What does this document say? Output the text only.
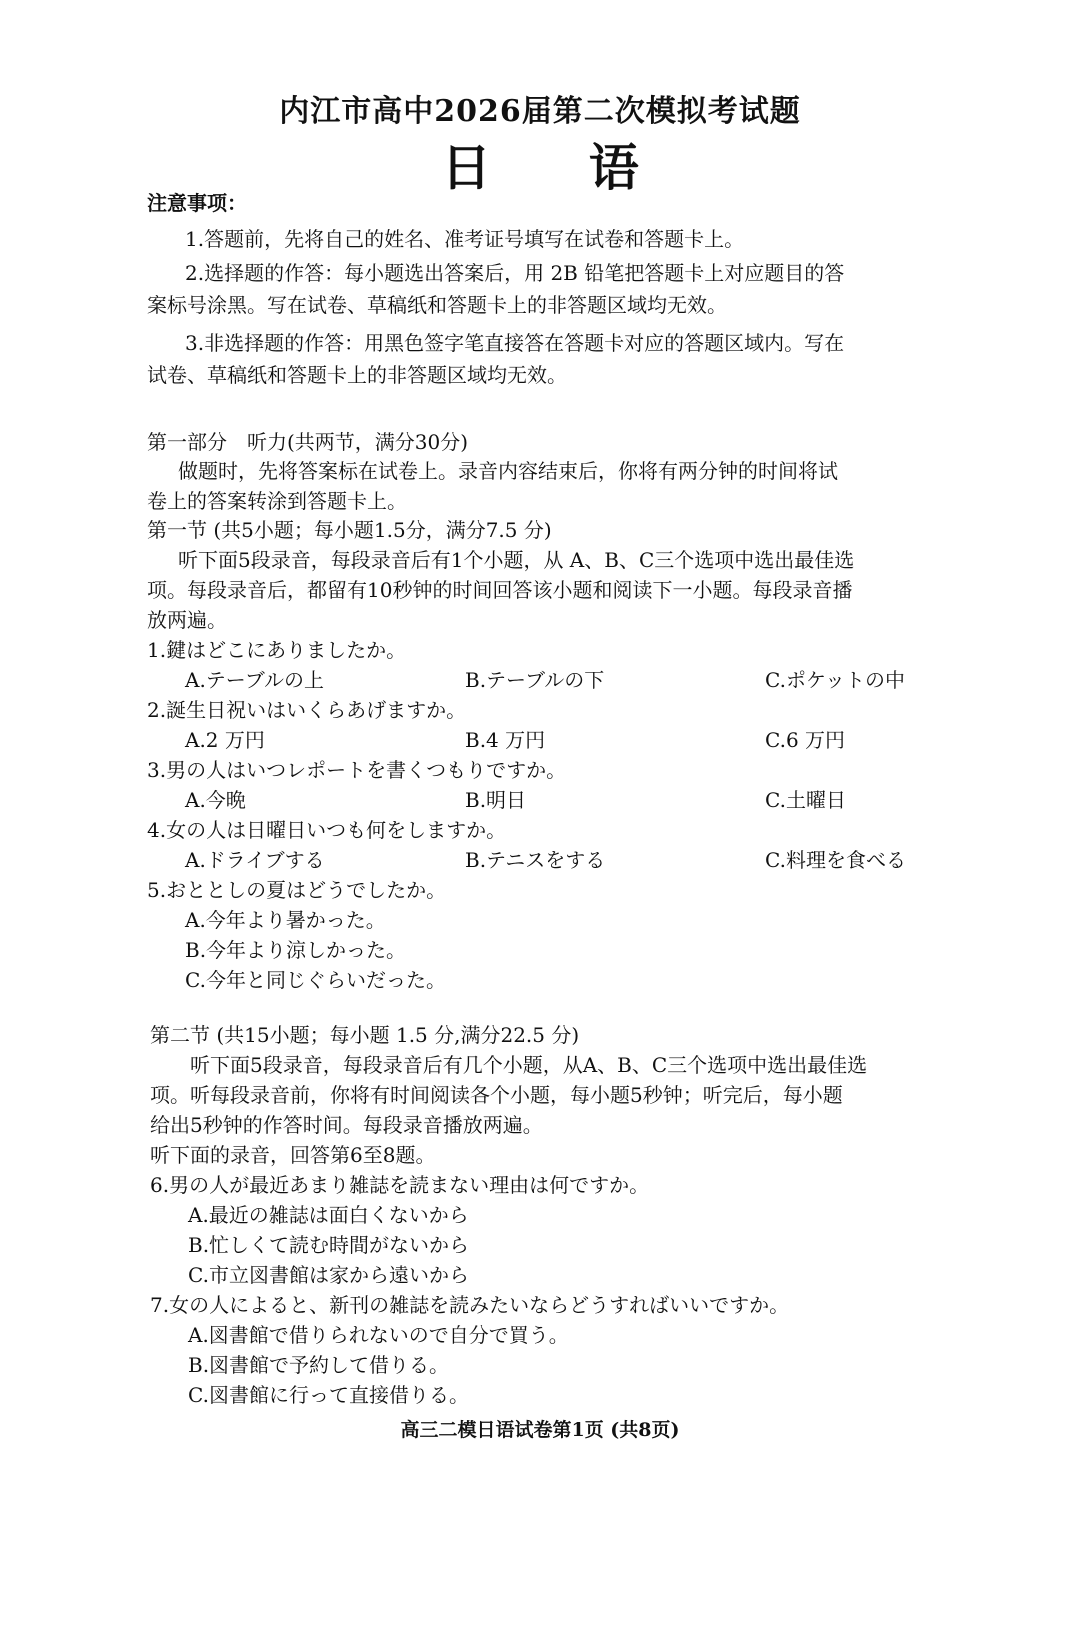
内江市高中2026届第二次模拟考试题
日 语

注意事项：

1.答题前，先将自己的姓名、准考证号填写在试卷和答题卡上。

2.选择题的作答：每小题选出答案后，用 2B 铅笔把答题卡上对应题目的答

案标号涂黑。写在试卷、草稿纸和答题卡上的非答题区域均无效。

3.非选择题的作答：用黑色签字笔直接答在答题卡对应的答题区域内。写在

试卷、草稿纸和答题卡上的非答题区域均无效。

第一部分　听力(共两节，满分30分)

做题时，先将答案标在试卷上。录音内容结束后，你将有两分钟的时间将试

卷上的答案转涂到答题卡上。

第一节 (共5小题；每小题1.5分，满分7.5 分)

听下面5段录音，每段录音后有1个小题，从 A、B、C三个选项中选出最佳选

项。每段录音后，都留有10秒钟的时间回答该小题和阅读下一小题。每段录音播

放两遍。

1.鍵はどこにありましたか。

A.テーブルの上	B.テーブルの下	C.ポケットの中

2.誕生日祝いはいくらあげますか。

A.2 万円	B.4 万円	C.6 万円

3.男の人はいつレポートを書くつもりですか。

A.今晩	B.明日	C.土曜日

4.女の人は日曜日いつも何をしますか。

A.ドライブする	B.テニスをする	C.料理を食べる

5.おととしの夏はどうでしたか。

A.今年より暑かった。

B.今年より涼しかった。

C.今年と同じぐらいだった。

第二节 (共15小题；每小题 1.5 分,满分22.5 分)

听下面5段录音，每段录音后有几个小题，从A、B、C三个选项中选出最佳选

项。听每段录音前，你将有时间阅读各个小题，每小题5秒钟；听完后，每小题

给出5秒钟的作答时间。每段录音播放两遍。

听下面的录音，回答第6至8题。

6.男の人が最近あまり雑誌を読まない理由は何ですか。

A.最近の雑誌は面白くないから

B.忙しくて読む時間がないから

C.市立図書館は家から遠いから

7.女の人によると、新刊の雑誌を読みたいならどうすればいいですか。

A.図書館で借りられないので自分で買う。

B.図書館で予約して借りる。

C.図書館に行って直接借りる。

高三二模日语试卷第1页 (共8页)
